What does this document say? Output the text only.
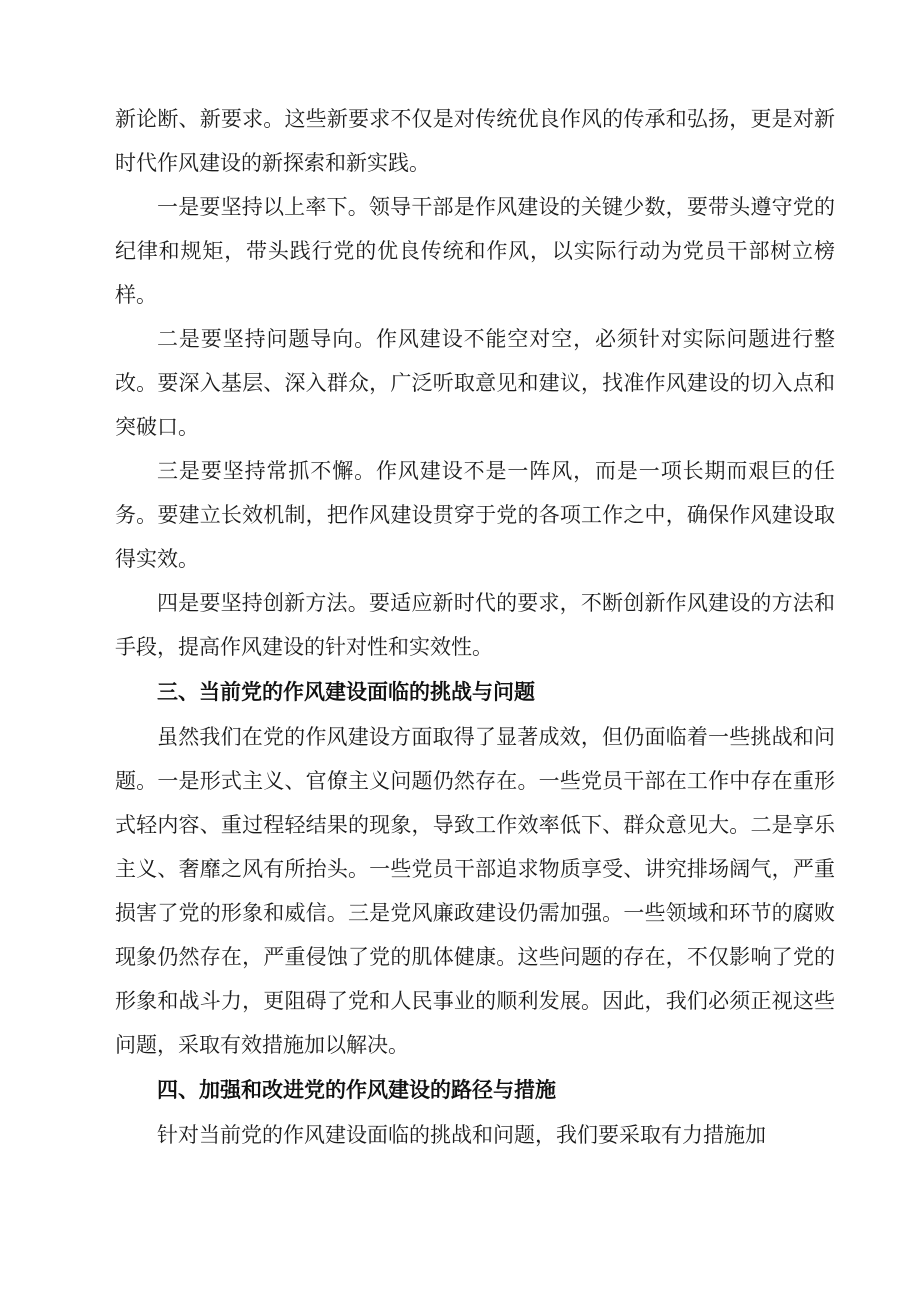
新论断、新要求。这些新要求不仅是对传统优良作风的传承和弘扬，更是对新时代作风建设的新探索和新实践。

一是要坚持以上率下。领导干部是作风建设的关键少数，要带头遵守党的纪律和规矩，带头践行党的优良传统和作风，以实际行动为党员干部树立榜样。

二是要坚持问题导向。作风建设不能空对空，必须针对实际问题进行整改。要深入基层、深入群众，广泛听取意见和建议，找准作风建设的切入点和突破口。

三是要坚持常抓不懈。作风建设不是一阵风，而是一项长期而艰巨的任务。要建立长效机制，把作风建设贯穿于党的各项工作之中，确保作风建设取得实效。

四是要坚持创新方法。要适应新时代的要求，不断创新作风建设的方法和手段，提高作风建设的针对性和实效性。

三、当前党的作风建设面临的挑战与问题

虽然我们在党的作风建设方面取得了显著成效，但仍面临着一些挑战和问题。一是形式主义、官僚主义问题仍然存在。一些党员干部在工作中存在重形式轻内容、重过程轻结果的现象，导致工作效率低下、群众意见大。二是享乐主义、奢靡之风有所抬头。一些党员干部追求物质享受、讲究排场阔气，严重损害了党的形象和威信。三是党风廉政建设仍需加强。一些领域和环节的腐败现象仍然存在，严重侵蚀了党的肌体健康。这些问题的存在，不仅影响了党的形象和战斗力，更阻碍了党和人民事业的顺利发展。因此，我们必须正视这些问题，采取有效措施加以解决。

四、加强和改进党的作风建设的路径与措施

针对当前党的作风建设面临的挑战和问题，我们要采取有力措施加
